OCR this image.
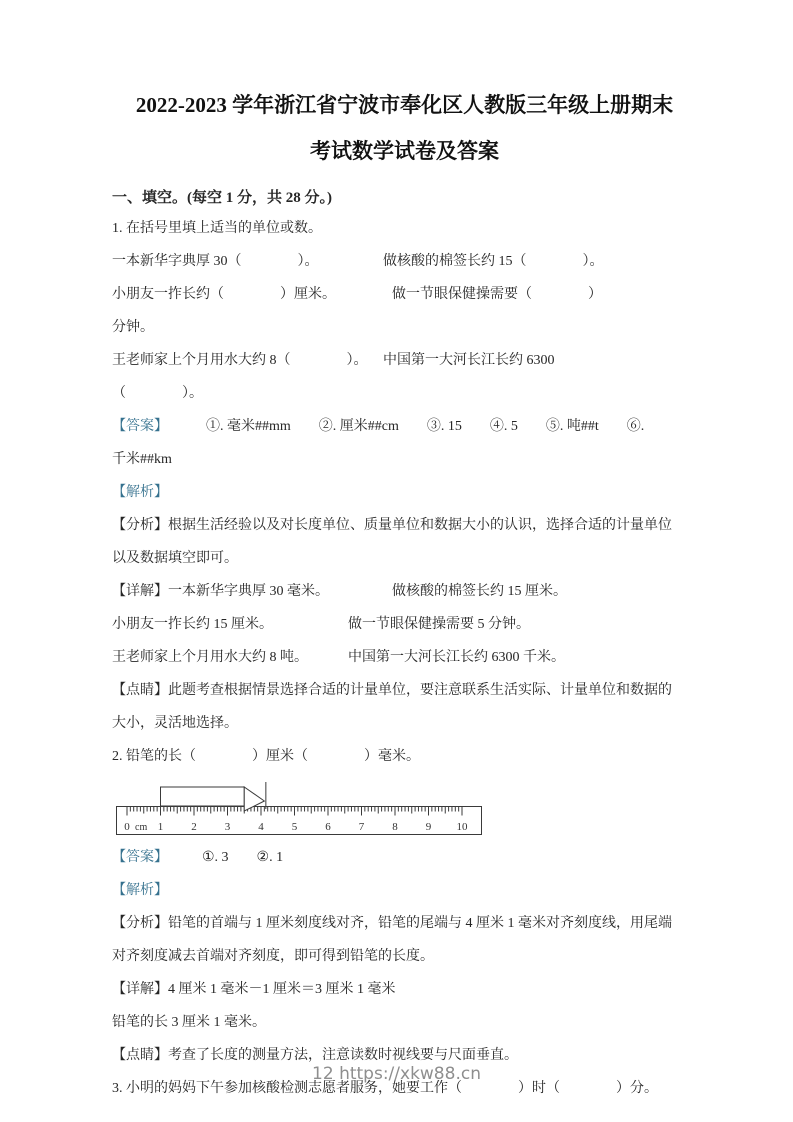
2022-2023 学年浙江省宁波市奉化区人教版三年级上册期末
考试数学试卷及答案
一、填空。(每空 1 分，共 28 分。)

1. 在括号里填上适当的单位或数。

一本新华字典厚 30（　　　　）。	做核酸的棉签长约 15（　　　　）。

小朋友一拃长约（　　　　）厘米。	做一节眼保健操需要（　　　　）

分钟。

王老师家上个月用水大约 8（　　　　）。 中国第一大河长江长约 6300

（　　　　）。

【答案】	①. 毫米##mm　　②. 厘米##cm　　③. 15　　④. 5　　⑤. 吨##t　　⑥.

千米##km

【解析】

【分析】根据生活经验以及对长度单位、质量单位和数据大小的认识，选择合适的计量单位

以及数据填空即可。

【详解】一本新华字典厚 30 毫米。	做核酸的棉签长约 15 厘米。

小朋友一拃长约 15 厘米。	做一节眼保健操需要 5 分钟。

王老师家上个月用水大约 8 吨。	中国第一大河长江长约 6300 千米。

【点睛】此题考查根据情景选择合适的计量单位，要注意联系生活实际、计量单位和数据的

大小，灵活地选择。

2. 铅笔的长（　　　　）厘米（　　　　）毫米。

0	1	2	3	4	5	6	7	8	9 10
cm

【答案】 ①. 3　　②. 1

【解析】

【分析】铅笔的首端与 1 厘米刻度线对齐，铅笔的尾端与 4 厘米 1 毫米对齐刻度线，用尾端

对齐刻度减去首端对齐刻度，即可得到铅笔的长度。

【详解】4 厘米 1 毫米－1 厘米＝3 厘米 1 毫米

铅笔的长 3 厘米 1 毫米。

【点睛】考查了长度的测量方法，注意读数时视线要与尺面垂直。

3. 小明的妈妈下午参加核酸检测志愿者服务，她要工作（　　　　）时（　　　　）分。

12 https://xkw88.cn
